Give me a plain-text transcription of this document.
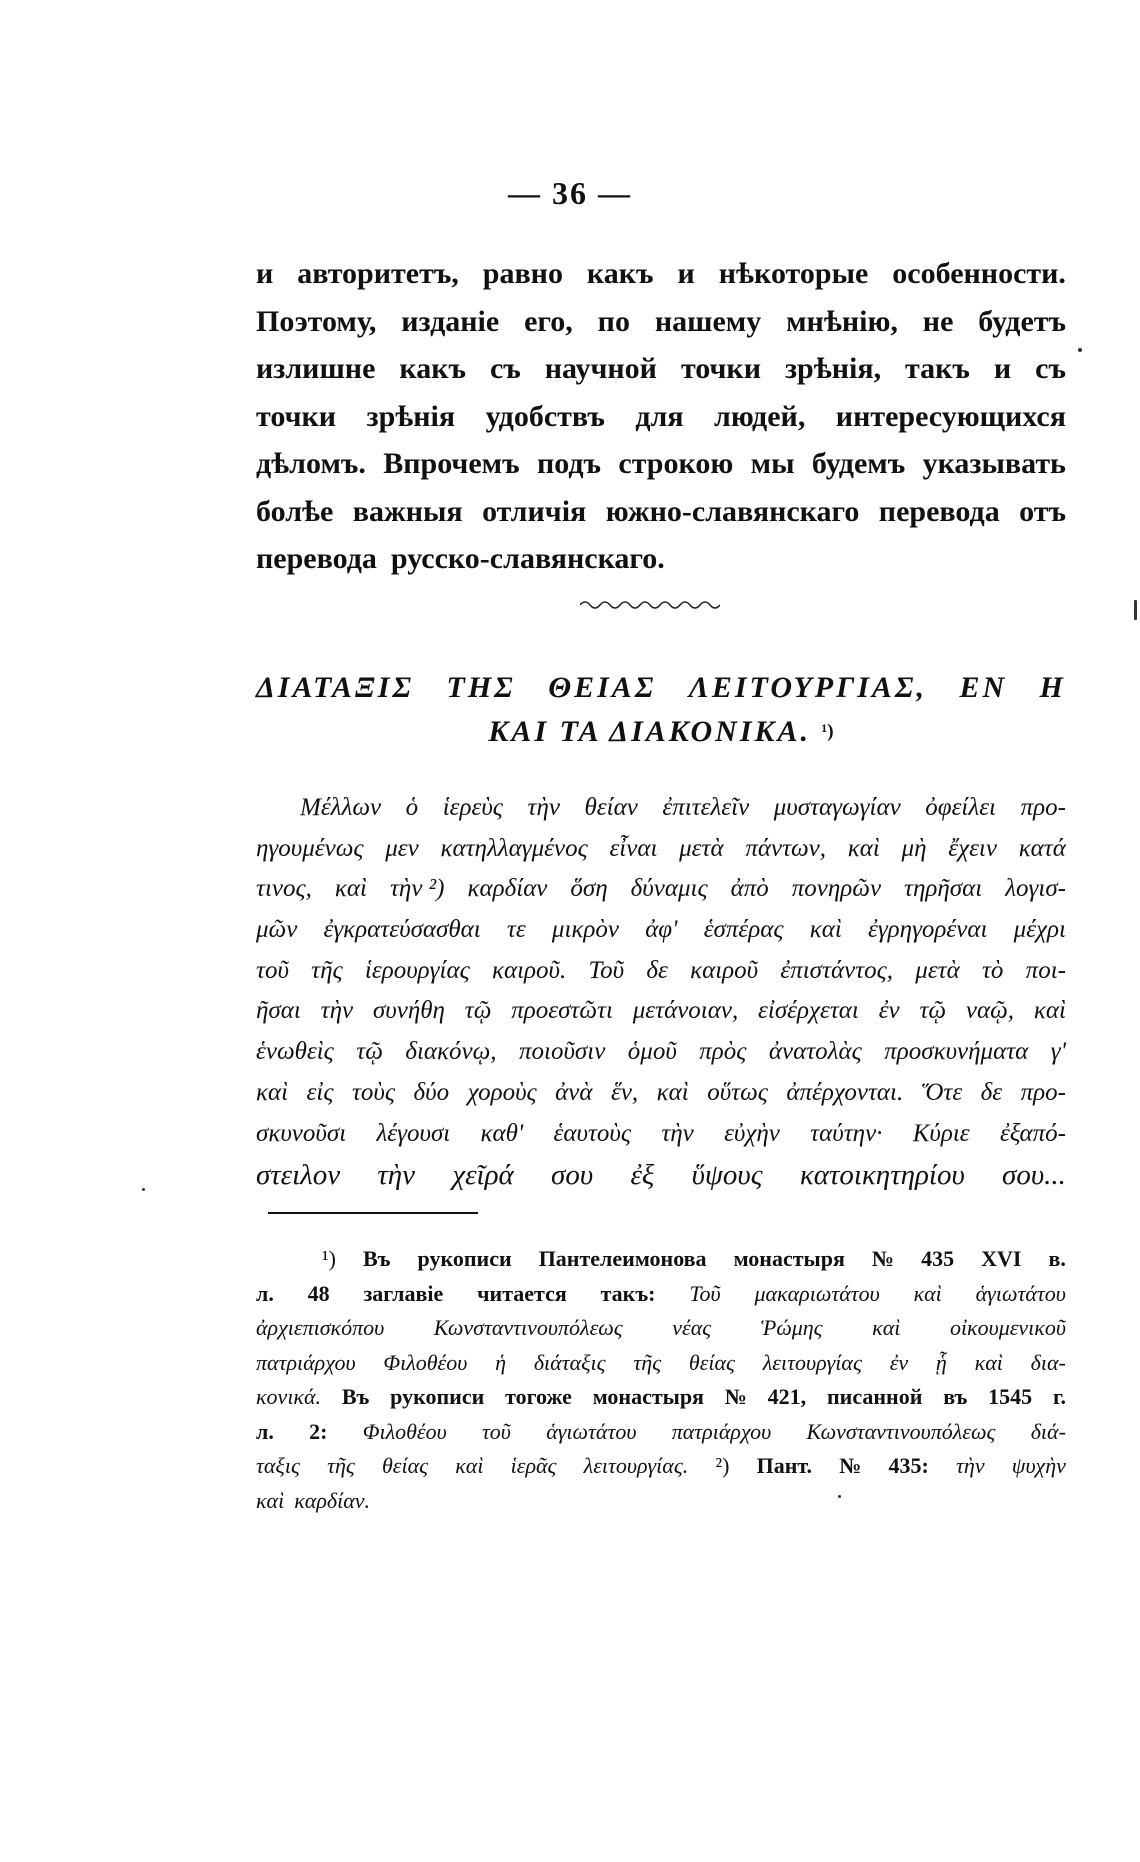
— 36 —
и авторитетъ, равно какъ и нѣкоторые особенности.
Поэтому, изданіе его, по нашему мнѣнію, не будетъ
излишне какъ съ научной точки зрѣнія, такъ и съ
точки зрѣнія удобствъ для людей, интересующихся
дѣломъ. Впрочемъ подъ строкою мы будемъ указывать
болѣе важныя отличія южно-славянскаго перевода отъ
перевода русско-славянскаго.
ΔΙΑΤΑΞΙΣ ΤΗΣ ΘΕΙΑΣ ΛΕΙΤΟΥΡΓΙΑΣ, ΕΝ Η
ΚΑΙ ΤΑ ΔΙΑΚΟΝΙΚΑ.
¹)
Μέλλων ὁ ἱερεὺς τὴν θείαν ἐπιτελεῖν μυσταγωγίαν ὀφείλει προ-
ηγουμένως μεν κατηλλαγμένος εἶναι μετὰ πάντων, καὶ μὴ ἔχειν κατά
τινος, καὶ τὴν ²) καρδίαν ὅση δύναμις ἀπὸ πονηρῶν τηρῆσαι λογισ-
μῶν ἐγκρατεύσασθαι τε μικρὸν ἀφ' ἑσπέρας καὶ ἐγρηγορέναι μέχρι
τοῦ τῆς ἱερουργίας καιροῦ. Τοῦ δε καιροῦ ἐπιστάντος, μετὰ τὸ ποι-
ῆσαι τὴν συνήθη τῷ προεστῶτι μετάνοιαν, εἰσέρχεται ἐν τῷ ναῷ, καὶ
ἑνωθεὶς τῷ διακόνῳ, ποιοῦσιν ὁμοῦ πρὸς ἀνατολὰς προσκυνήματα γ'
καὶ εἰς τοὺς δύο χοροὺς ἀνὰ ἕν, καὶ οὕτως ἀπέρχονται. Ὅτε δε προ-
σκυνοῦσι λέγουσι καθ' ἑαυτοὺς τὴν εὐχὴν ταύτην· Κύριε ἐξαπό-
στειλον τὴν χεῖρά σου ἐξ ὕψους κατοικητηρίου σου...
¹) Въ рукописи Пантелеимонова монастыря № 435 XVI в.
л. 48 заглавіе читается такъ: Τοῦ μακαριωτάτου καὶ ἁγιωτάτου
ἀρχιεπισκόπου Κωνσταντινουπόλεως νέας Ῥώμης καὶ οἰκουμενικοῦ
πατριάρχου Φιλοθέου ἡ διάταξις τῆς θείας λειτουργίας ἐν ᾗ καὶ δια-
κονικά. Въ рукописи тогоже монастыря № 421, писанной въ 1545 г.
л. 2: Φιλοθέου τοῦ ἁγιωτάτου πατριάρχου Κωνσταντινουπόλεως διά-
ταξις τῆς θείας καὶ ἱερᾶς λειτουργίας. ²) Пант. № 435: τὴν ψυχὴν
καὶ καρδίαν.
